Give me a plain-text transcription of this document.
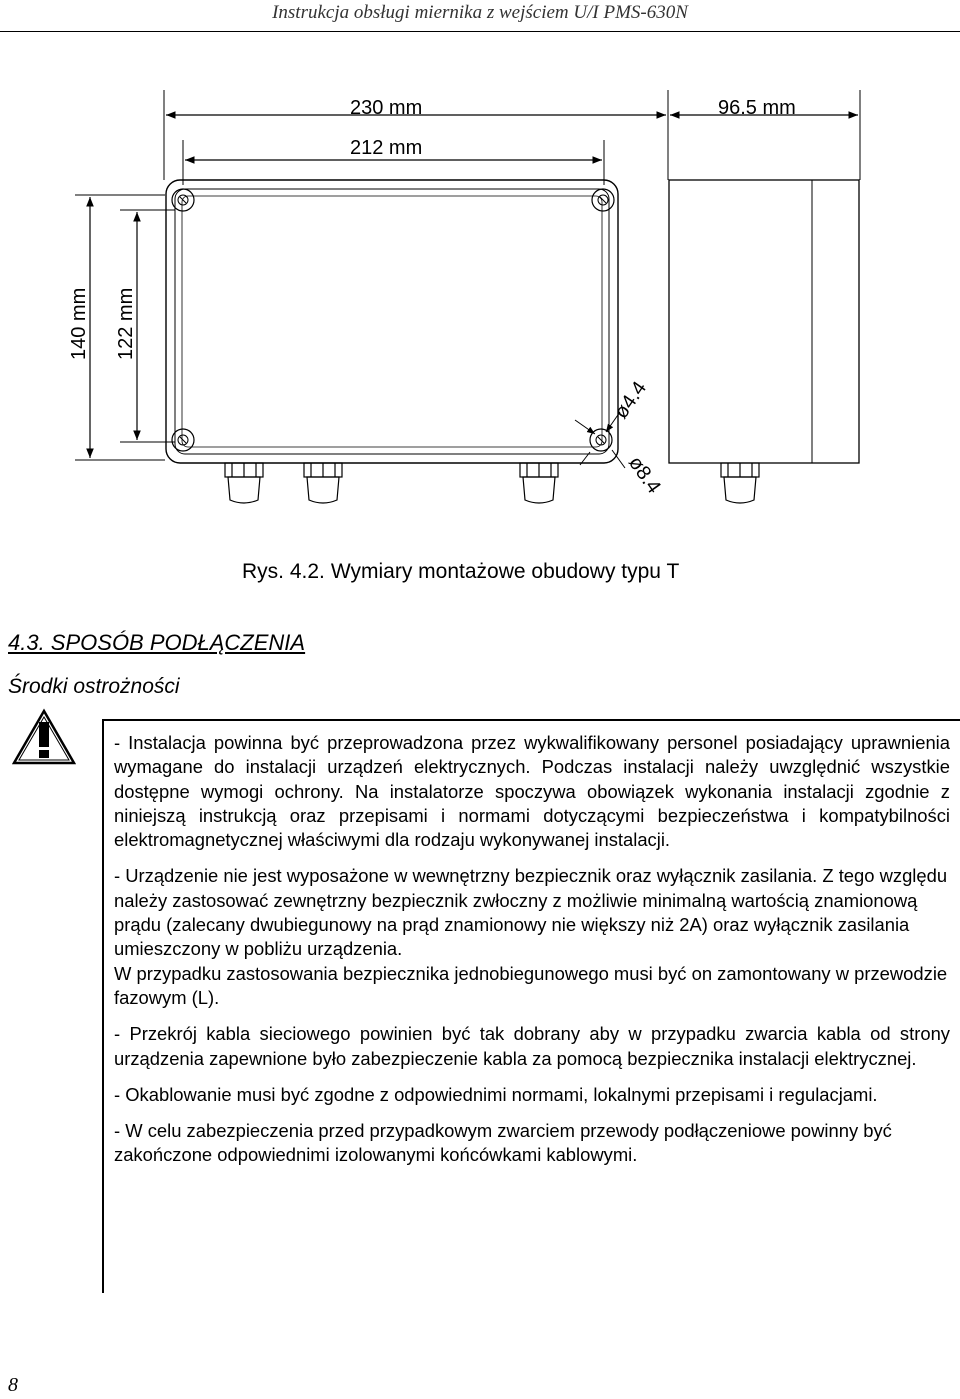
Instrukcja obsługi miernika z wejściem U/I PMS-630N
230 mm
212 mm
96.5 mm
140 mm 122 mm
ø4.4
ø8.4
Rys. 4.2. Wymiary montażowe obudowy typu T
4.3. SPOSÓB PODŁĄCZENIA
Środki ostrożności

- Instalacja powinna być przeprowadzona przez wykwalifikowany personel posiadający uprawnienia wymagane do instalacji urządzeń elektrycznych. Podczas instalacji należy uwzględnić wszystkie dostępne wymogi ochrony. Na instalatorze spoczywa obowiązek wykonania instalacji zgodnie z niniejszą instrukcją oraz przepisami i normami dotyczącymi bezpieczeństwa i kompatybilności elektromagnetycznej właściwymi dla rodzaju wykonywanej instalacji.

- Urządzenie nie jest wyposażone w wewnętrzny bezpiecznik oraz wyłącznik zasilania. Z tego względu należy zastosować zewnętrzny bezpiecznik zwłoczny z możliwie minimalną wartością znamionową prądu (zalecany dwubiegunowy na prąd znamionowy nie większy niż 2A) oraz wyłącznik zasilania umieszczony w pobliżu urządzenia.

W przypadku zastosowania bezpiecznika jednobiegunowego musi być on zamontowany w przewodzie fazowym (L).

- Przekrój kabla sieciowego powinien być tak dobrany aby w przypadku zwarcia kabla od strony urządzenia zapewnione było zabezpieczenie kabla za pomocą bezpiecznika instalacji elektrycznej.

- Okablowanie musi być zgodne z odpowiednimi normami, lokalnymi przepisami i regulacjami.

- W celu zabezpieczenia przed przypadkowym zwarciem przewody podłączeniowe powinny być zakończone odpowiednimi izolowanymi końcówkami kablowymi.

8
